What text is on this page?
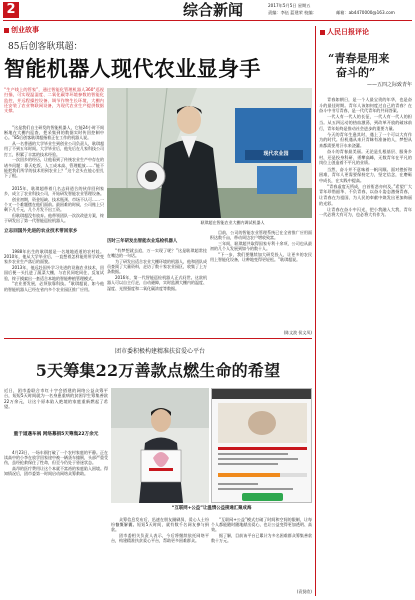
2	综合新闻	2017年5月5日 星期五
责编：李伍 蓝建荣 校编：	邮箱：ab4470000@163.com
创业故事
85后创客耿琪超：
智能机器人现代农业显身手
“生产线上的管家”，通过智能化管理机器人360°巡视扫描，可实现温湿度、二氧化碳等环境参数的智能化监控，并远程操控设备、调节作物生长环境，大棚内还安装了农业物联网设备，为现代农业生产提供数据支撑。

“这是我们自主研发的智能机器人，它能24小时不间断地在大棚内巡查，把采集到的数据实时传回控制中心。”85后创客耿琪超指着正在工作的机器人说。

从一名普通的大学毕业生到创业公司负责人，耿琪超用了不到五年时间。大学毕业后，他先后在几家科技公司打工，积累了丰富的技术经验。

一次回乡的经历，让他看到了传统农业生产中存在的诸多问题：靠天吃饭、人工成本高、管理粗放……“能不能把我们所学的技术用到农业上？”这个念头在他心里扎下了根。

2015年，耿琪超带着几名志同道合的伙伴回到家乡，成立了农业科技公司，开始研发智能农业管理设备。

创业初期，资金短缺、技术瓶颈、市场不认可……一个又一个难题摆在他们面前。最困难的时候，公司账上只剩下几千元，几个月发不出工资。

但耿琪超没有放弃。他带领团队一次次改进方案，终于研发出了第一代智能巡检机器人。

现代农业园
耿琪超在智能农业大棚内调试机器人
立志回国外先进的农业技术带回家乡

1988年出生的耿琪超是一名地地道道的农村娃。2010年，他从大学毕业后，一直想着怎样能用所学改变家乡农业生产落后的面貌。

2013年，他远赴国外学习先进的设施农业技术，回国后便一头扎进了蔬菜大棚，与农民同吃同住，反复试验，终于摸索出一套适合本地的智能种植管理模式。

“农业要发展，必须依靠科技。”耿琪超说，如今他的智能机器人已经在省内多个农业园区推广应用。

历时三年研发出智能农业巡检机器人

“有梦想就去追，万一实现了呢？”这是耿琪超常挂在嘴边的一句话。

为了研发出适合农业大棚环境的机器人，他和团队成员查阅了大量资料，走访了数十家农业园区，收集了上万条数据。

2016年，第一代智能巡检机器人正式问世。这款机器人可以自主行走，自动避障，实时监测大棚内的温度、湿度、光照强度和二氧化碳浓度等数据。

目前，公司的智能农业管理系统已在全省推广应用面积达数千亩，带动周边农户增收致富。

三年间，耿琪超共取得国家专利十余项，公司也从最初的几个人发展到如今的数十人。

“下一步，我们要继续加大研发投入，让更多的农民用上智能化设备，让种地变得更轻松。”耿琪超说。

(陈文波 侯文凤)
人民日报评论
“青春是用来
奋斗的”
——五四之际致青年

青春如朝日，是一个人最宝贵的年华，也是奋斗的最佳时期。青年人该如何度过自己的青春？在奋斗中书写青春，是一代代青年的共同答案。

一代人有一代人的长征，一代人有一代人的担当。从五四运动的热血激荡，到改革开放的破冰前行，青年始终是推动社会进步的重要力量。

今天的青年生逢其时，遇上了一个可以大有作为的时代。但机遇从来只青睐有准备的人，梦想从来都需要用汗水来浇灌。

奋斗的青春最美丽。无论是扎根基层、服务乡村，还是投身科研、勇攀高峰，无数青年在平凡的岗位上创造着不平凡的业绩。

当然，奋斗并不意味着一帆风顺。面对挫折和困难，青年人更需要保持定力，坚定信念，在磨砺中成长，在实践中提高。

“青春虚度无所成，白首衔悲亦何及。”希望广大青年珍惜韶华、不负青春，以奋斗姿态激扬青春，让青春在为祖国、为人民的奉献中焕发出更加绚丽的光彩。

让青春在奋斗中闪光，把小我融入大我，青年一代必将大有可为，也必将大有作为。

团市委积极构建精准扶贫爱心平台
5天筹集22万善款点燃生命的希望
近日，团市委联合市红十字会搭建的网络公益众筹平台，短短5天时间就为一名身患重病的贫困学生筹集善款22万余元，让这个原本陷入绝境的家庭重新燃起了希望。
重于道遇车祸 网络募捐5天筹集22万余元

4月23日，一场车祸打破了一个农村家庭的平静。正在读高中的小李在放学回家途中被一辆货车撞倒，头部严重受伤，虽经抢救保住了性命，但至今仍处于昏迷状态。

高昂的医疗费用让这个本就不富裕的家庭陷入困境。得知情况后，团市委第一时间启动网络众筹救助。

“互联网+公益”让温情公益接通汇聚成海

众筹信息发布后，迅速在朋友圈刷屏，爱心人士纷纷慷慨解囊。短短5天时间，就有数千名网友参与捐款。

团市委相关负责人表示，今后将继续依托网络平台，构建精准扶贫爱心平台，帮助更多困难群众。

“互联网+公益”模式打破了时间和空间的限制，让每个人都能随时随地献出爱心，也让公益变得更加透明、高效。

据了解，目前该平台已累计为多名困难群众筹集善款数十万元。

(袁贤欣)
